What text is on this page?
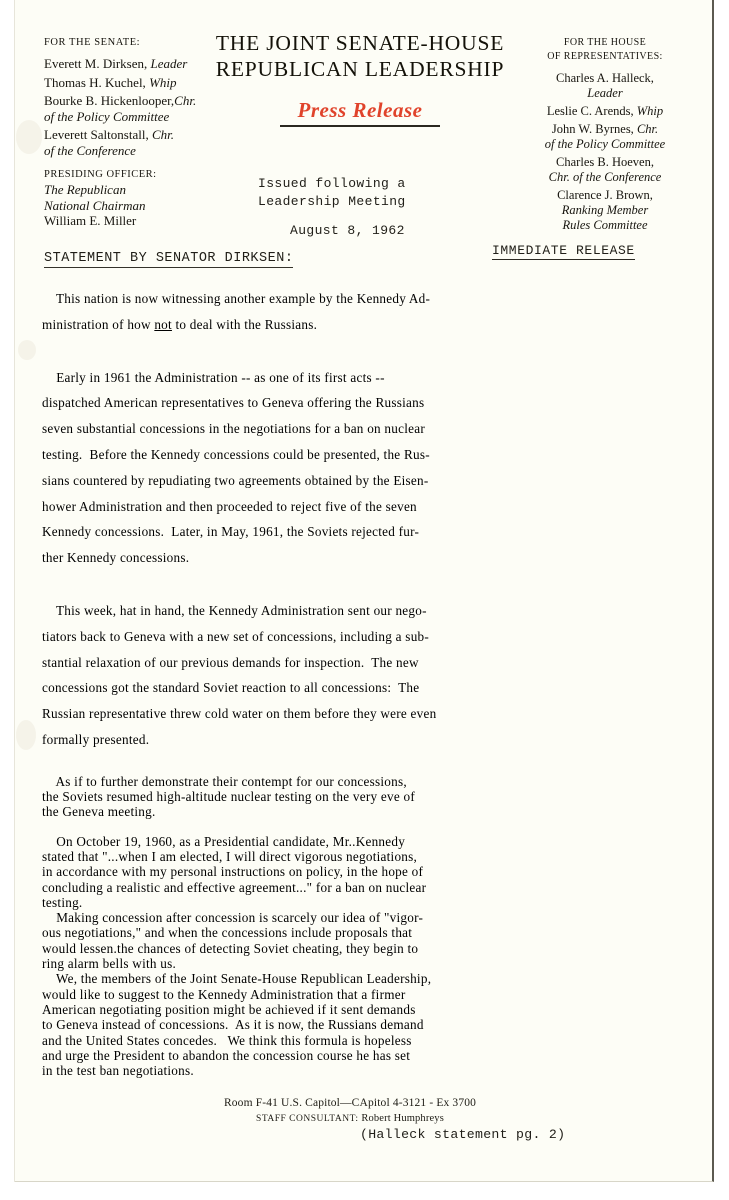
FOR THE SENATE:
Everett M. Dirksen, Leader
Thomas H. Kuchel, Whip
Bourke B. Hickenlooper,Chr.
of the Policy Committee
Leverett Saltonstall, Chr.
of the Conference
PRESIDING OFFICER:
The Republican
National Chairman
William E. Miller
FOR THE HOUSE
OF REPRESENTATIVES:
Charles A. Halleck,
Leader
Leslie C. Arends, Whip
John W. Byrnes, Chr.
of the Policy Committee
Charles B. Hoeven,
Chr. of the Conference
Clarence J. Brown,
Ranking Member
Rules Committee
THE JOINT SENATE-HOUSE
REPUBLICAN LEADERSHIP
Press Release
Issued following a
Leadership Meeting
August 8, 1962
IMMEDIATE RELEASE
STATEMENT BY SENATOR DIRKSEN:
This nation is now witnessing another example by the Kennedy Ad-
ministration of how not to deal with the Russians.
Early in 1961 the Administration -- as one of its first acts --
dispatched American representatives to Geneva offering the Russians
seven substantial concessions in the negotiations for a ban on nuclear
testing.  Before the Kennedy concessions could be presented, the Rus-
sians countered by repudiating two agreements obtained by the Eisen-
hower Administration and then proceeded to reject five of the seven
Kennedy concessions.  Later, in May, 1961, the Soviets rejected fur-
ther Kennedy concessions.
This week, hat in hand, the Kennedy Administration sent our nego-
tiators back to Geneva with a new set of concessions, including a sub-
stantial relaxation of our previous demands for inspection.  The new
concessions got the standard Soviet reaction to all concessions:  The
Russian representative threw cold water on them before they were even
formally presented.
As if to further demonstrate their contempt for our concessions,
the Soviets resumed high-altitude nuclear testing on the very eve of
the Geneva meeting.
On October 19, 1960, as a Presidential candidate, Mr..Kennedy
stated that "...when I am elected, I will direct vigorous negotiations,
in accordance with my personal instructions on policy, in the hope of
concluding a realistic and effective agreement..." for a ban on nuclear
testing.
Making concession after concession is scarcely our idea of "vigor-
ous negotiations," and when the concessions include proposals that
would lessen.the chances of detecting Soviet cheating, they begin to
ring alarm bells with us.
We, the members of the Joint Senate-House Republican Leadership,
would like to suggest to the Kennedy Administration that a firmer
American negotiating position might be achieved if it sent demands
to Geneva instead of concessions.  As it is now, the Russians demand
and the United States concedes.   We think this formula is hopeless
and urge the President to abandon the concession course he has set
in the test ban negotiations.
Room F-41 U.S. Capitol—CApitol 4-3121 - Ex 3700
STAFF CONSULTANT: Robert Humphreys
(Halleck statement pg. 2)
